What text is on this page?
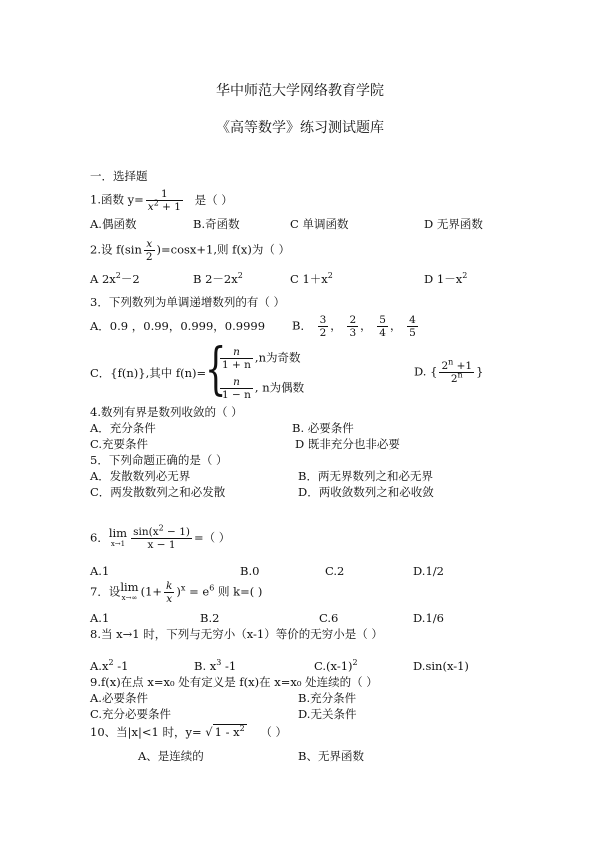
华中师范大学网络教育学院
《高等数学》练习测试题库
一．选择题
1.函数 $y= \frac{1}{x^2 + 1}$ 是（ ）
A.偶函数	B.奇函数	C 单调函数	D 无界函数
2.设 $f(\sin \frac{x}{2} )=\cos x+1$,则 f(x)为（ ）
A $2x^2-2$	B $2-2x^2$	C $1+x^2$	D $1-x^2$
3．下列数列为单调递增数列的有（ ）
A．0.9 ，0.99，0.999，0.9999 B． $\frac{3}{2}$ ， $\frac{2}{3}$ ， $\frac{5}{4}$ ， $\frac{4}{5}$
C．{f(n)},其中 f(n)=
{
$\frac{n}{1 + n} ,n$为奇数
$\frac{n}{1 - n}$ , n为偶数
D. { $\frac{2^n +1}{2^n}$ }
4.数列有界是数列收敛的（ ）
A．充分条件	B. 必要条件
C.充要条件	D 既非充分也非必要
5．下列命题正确的是（ ）
A．发散数列必无界	B．两无界数列之和必无界
C．两发散数列之和必发散	D．两收敛数列之和必收敛
6． lim
$x\to 1 \frac{\sin(x^2 - 1)}{x - 1}$ =（ ）
A.1	B.0	C.2	D.1/2
7．设 lim
x→∞ $(1+ \frac{k}{x} )^x = e^6$ 则 k=( )
A.1	B.2	C.6	D.1/6
8.当 x→1 时，下列与无穷小（x-1）等价的无穷小是（ ）
$A.x^2$ -1	B. $x^3$ -1	$C.(x-1)^2$	D.sin(x-1)
9.f(x)在点 x=x₀ 处有定义是 f(x)在 x=x₀ 处连续的（ ）
A.必要条件	B.充分条件
C.充分必要条件	D.无关条件
10、当|x|<1 时，y= √ $1 - x^2$ （ ）
A、是连续的	B、无界函数
